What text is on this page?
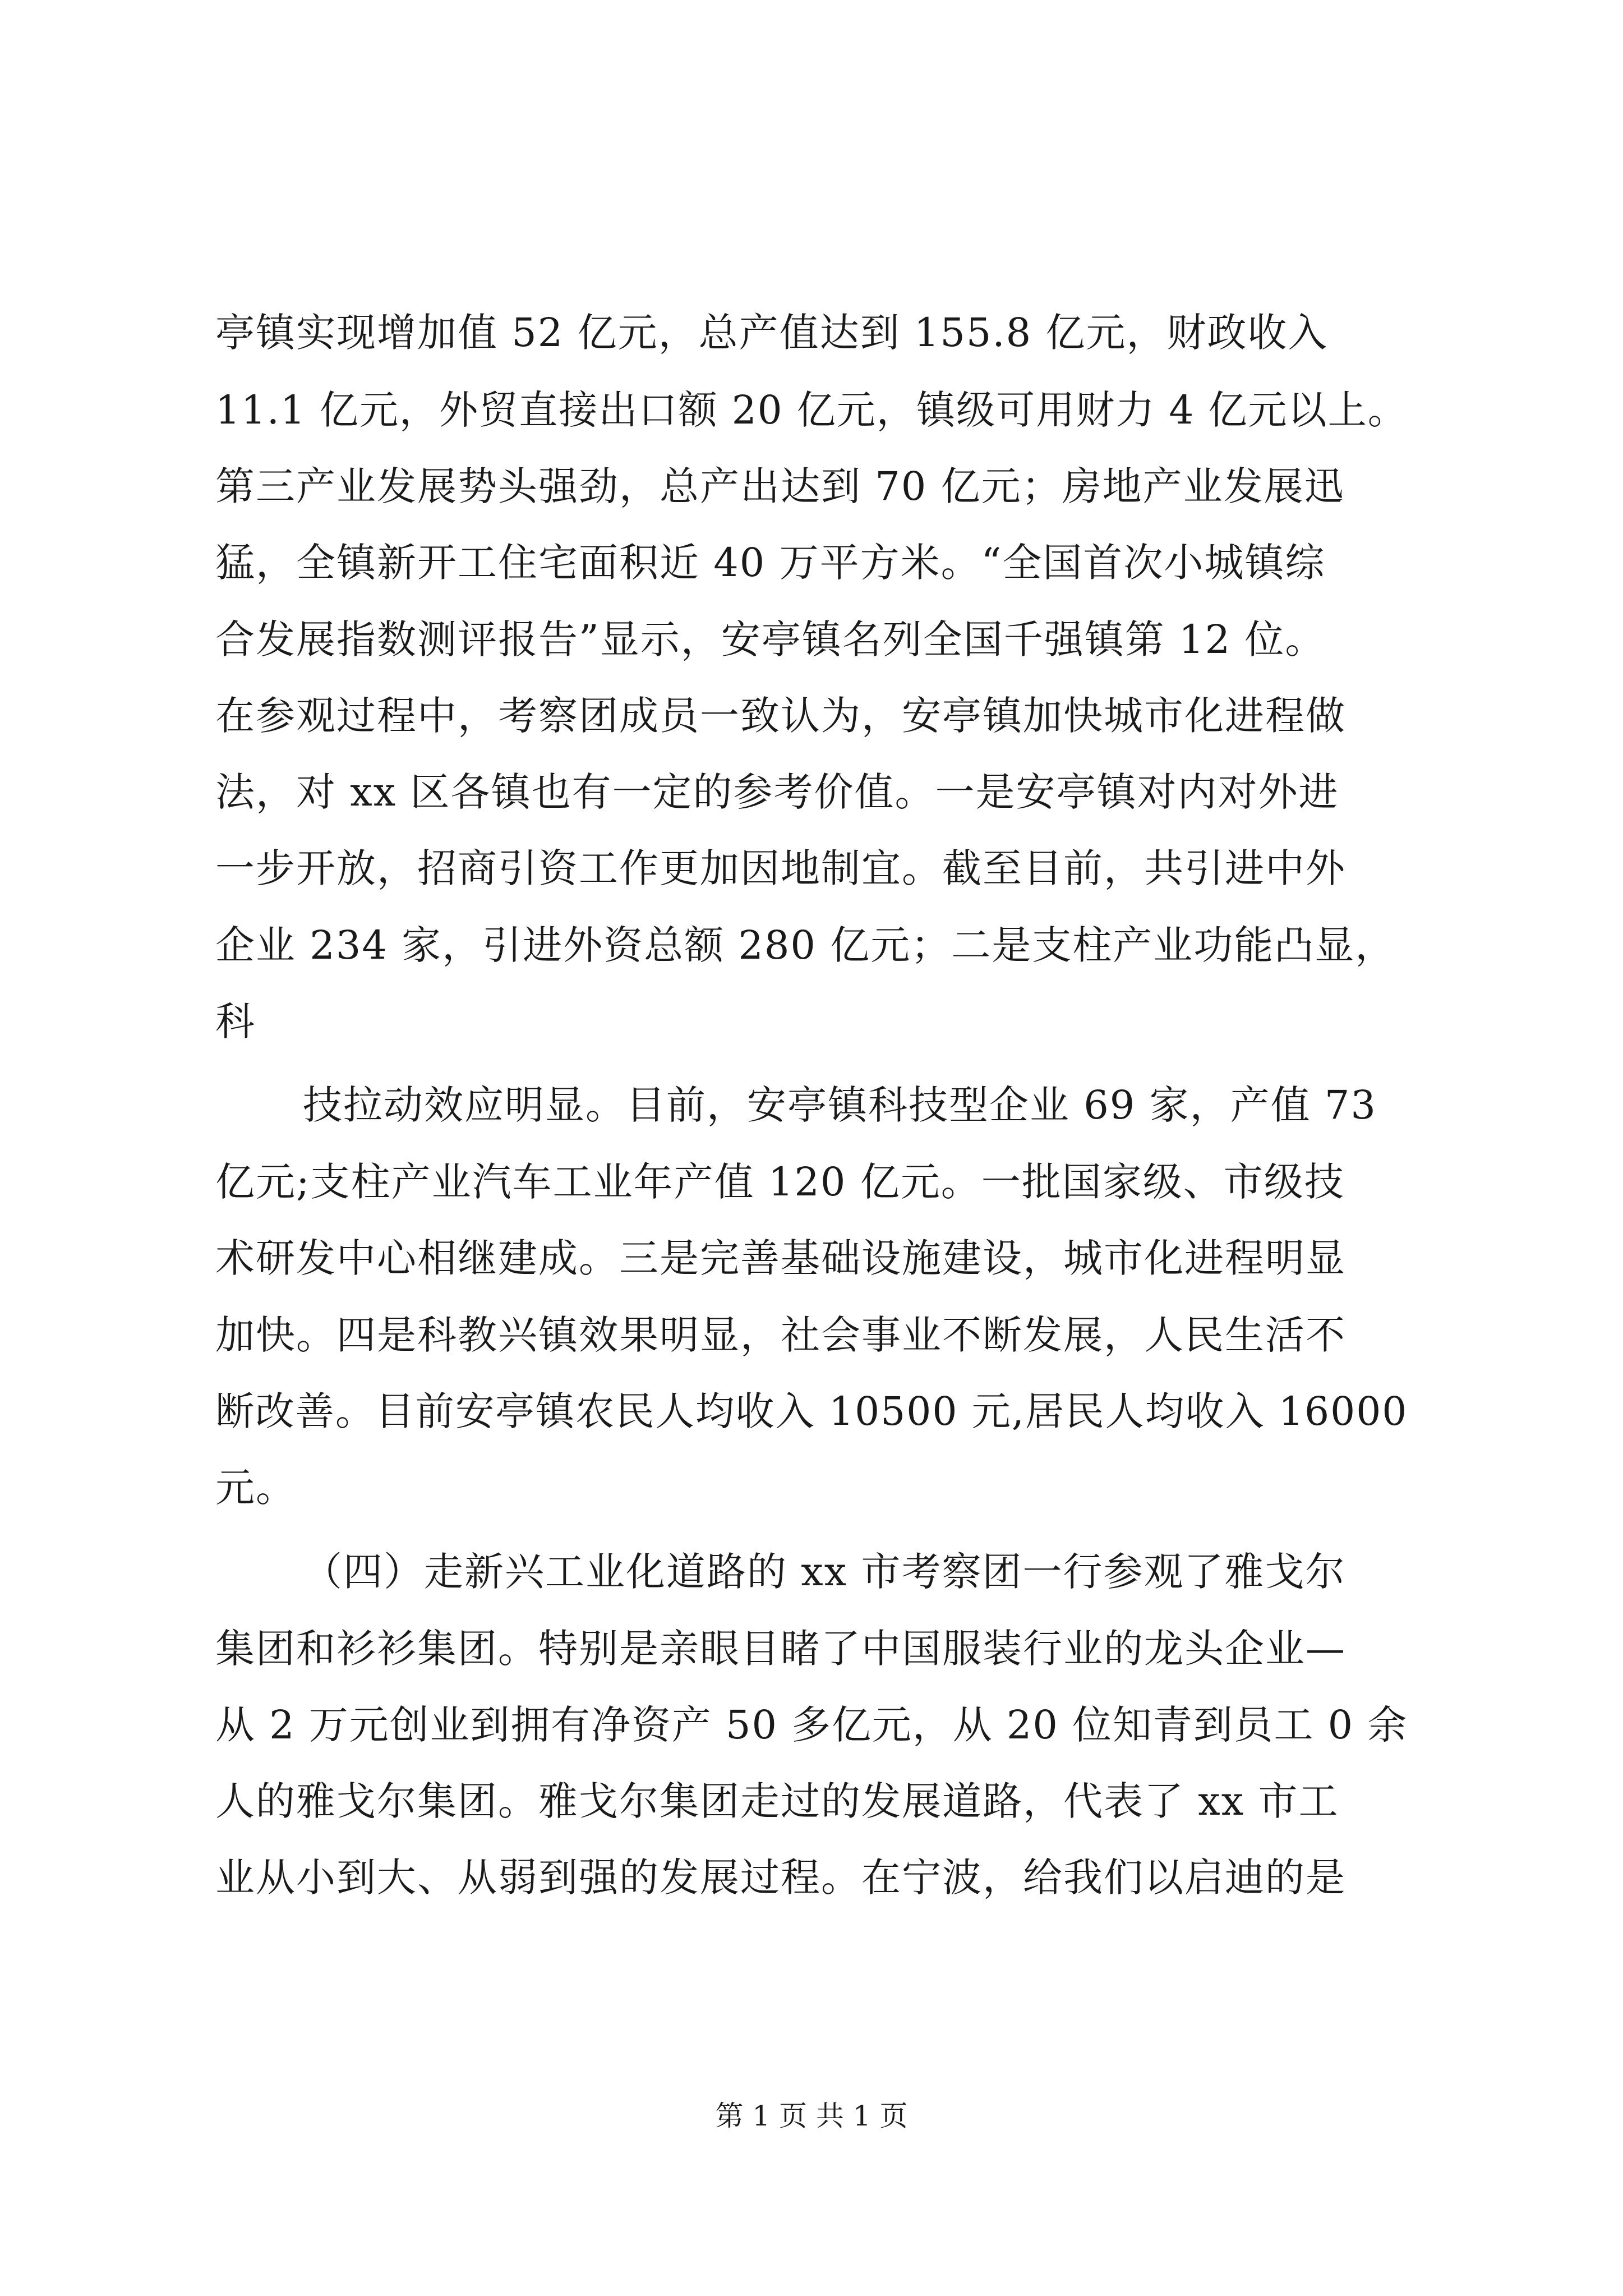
亭镇实现增加值 52 亿元，总产值达到 155.8 亿元，财政收入
11.1 亿元，外贸直接出口额 20 亿元，镇级可用财力 4 亿元以上。
第三产业发展势头强劲，总产出达到 70 亿元；房地产业发展迅
猛，全镇新开工住宅面积近 40 万平方米。“全国首次小城镇综
合发展指数测评报告”显示，安亭镇名列全国千强镇第 12 位。
在参观过程中，考察团成员一致认为，安亭镇加快城市化进程做
法，对 xx 区各镇也有一定的参考价值。一是安亭镇对内对外进
一步开放，招商引资工作更加因地制宜。截至目前，共引进中外
企业 234 家，引进外资总额 280 亿元；二是支柱产业功能凸显，
科
技拉动效应明显。目前，安亭镇科技型企业 69 家，产值 73
亿元;支柱产业汽车工业年产值 120 亿元。一批国家级、市级技
术研发中心相继建成。三是完善基础设施建设，城市化进程明显
加快。四是科教兴镇效果明显，社会事业不断发展，人民生活不
断改善。目前安亭镇农民人均收入 10500 元,居民人均收入 16000
元。
（四）走新兴工业化道路的 xx 市考察团一行参观了雅戈尔
集团和衫衫集团。特别是亲眼目睹了中国服装行业的龙头企业—
从 2 万元创业到拥有净资产 50 多亿元，从 20 位知青到员工 0 余
人的雅戈尔集团。雅戈尔集团走过的发展道路，代表了 xx 市工
业从小到大、从弱到强的发展过程。在宁波，给我们以启迪的是
第 1 页 共 1 页
